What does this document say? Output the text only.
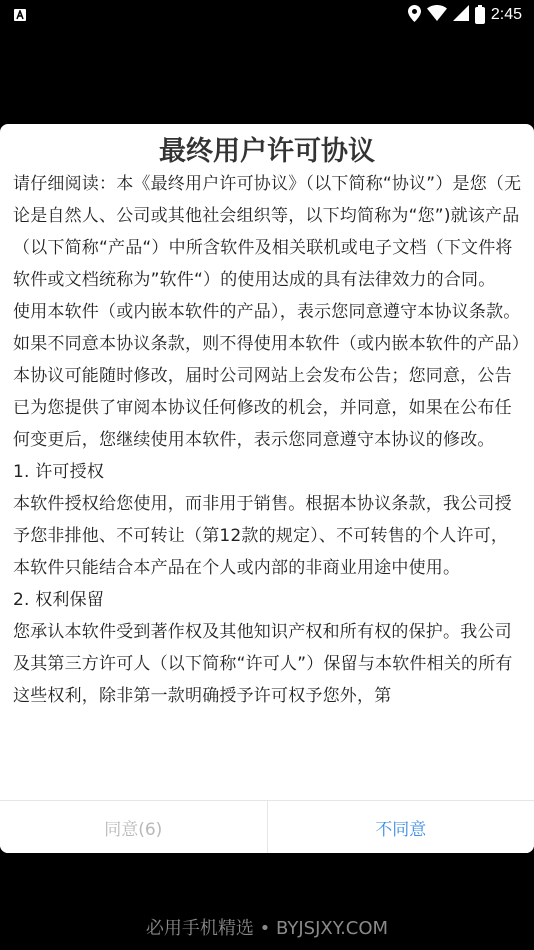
2:45
最终用户许可协议

请仔细阅读：本《最终用户许可协议》（以下简称“协议”）是您（无论是自然人、公司或其他社会组织等，以下均简称为“您”)就该产品（以下简称“产品“）中所含软件及相关联机或电子文档（下文件将软件或文档统称为”软件“）的使用达成的具有法律效力的合同。

使用本软件（或内嵌本软件的产品），表示您同意遵守本协议条款。如果不同意本协议条款，则不得使用本软件（或内嵌本软件的产品）本协议可能随时修改，届时公司网站上会发布公告；您同意，公告已为您提供了审阅本协议任何修改的机会，并同意，如果在公布任何变更后，您继续使用本软件，表示您同意遵守本协议的修改。

1. 许可授权

本软件授权给您使用，而非用于销售。根据本协议条款，我公司授予您非排他、不可转让（第12款的规定）、不可转售的个人许可，本软件只能结合本产品在个人或内部的非商业用途中使用。

2. 权利保留

您承认本软件受到著作权及其他知识产权和所有权的保护。我公司及其第三方许可人（以下简称“许可人”）保留与本软件相关的所有这些权利，除非第一款明确授予许可权予您外，第

同意(6)	不同意
必用手机精选 • BYJSJXY.COM
